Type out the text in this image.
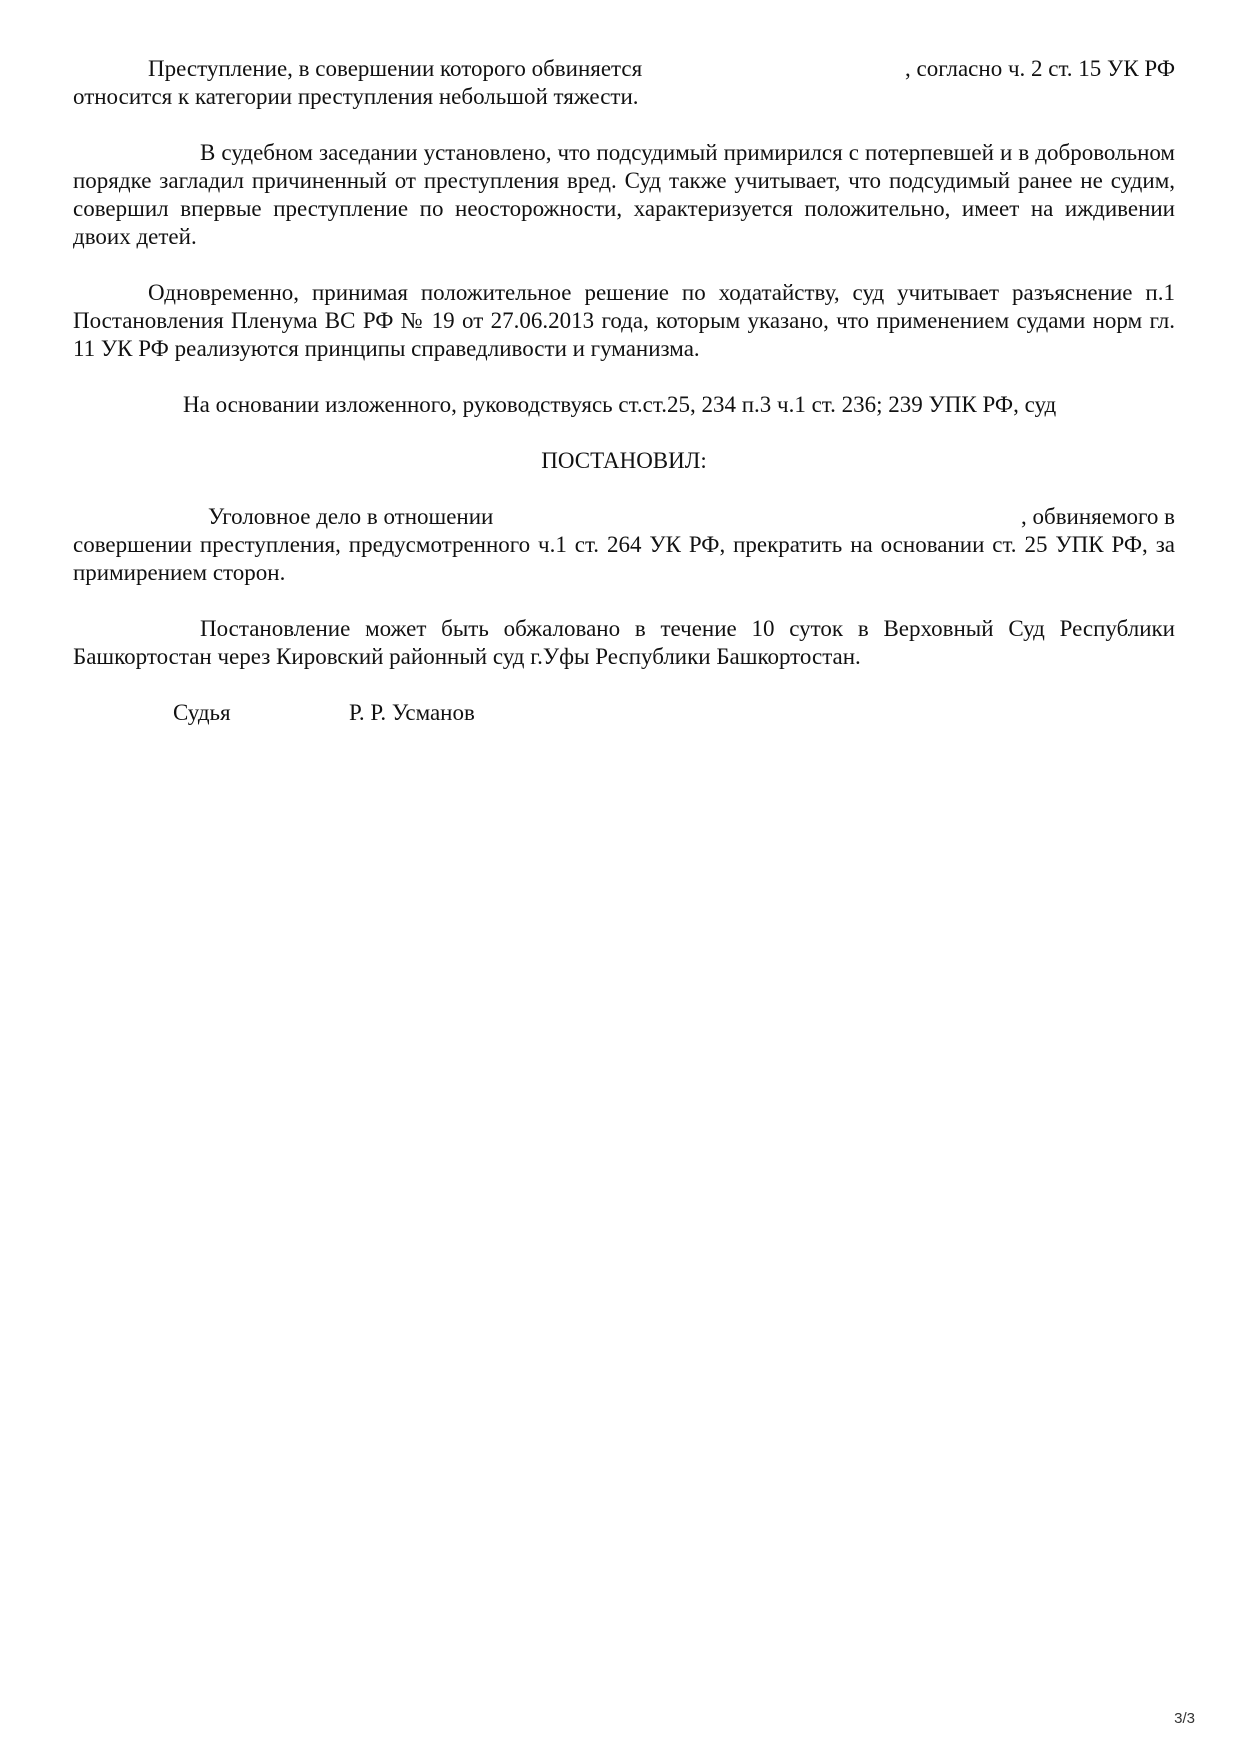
Преступление, в совершении которого обвиняется	, согласно ч. 2 ст. 15 УК РФ
относится к категории преступления небольшой тяжести.

В судебном заседании установлено, что подсудимый примирился с потерпевшей и в добровольном порядке загладил причиненный от преступления вред. Суд также учитывает, что подсудимый ранее не судим, совершил впервые преступление по неосторожности, характеризуется положительно, имеет на иждивении двоих детей.

Одновременно, принимая положительное решение по ходатайству, суд учитывает разъяснение п.1 Постановления Пленума ВС РФ № 19 от 27.06.2013 года, которым указано, что применением судами норм гл. 11 УК РФ реализуются принципы справедливости и гуманизма.

На основании изложенного, руководствуясь ст.ст.25, 234 п.3 ч.1 ст. 236; 239 УПК РФ, суд

ПОСТАНОВИЛ:
Уголовное дело в отношении	, обвиняемого в
совершении преступления, предусмотренного ч.1 ст. 264 УК РФ, прекратить на основании ст. 25 УПК РФ, за примирением сторон.

Постановление может быть обжаловано в течение 10 суток в Верховный Суд Республики Башкортостан через Кировский районный суд г.Уфы Республики Башкортостан.

Судья	Р. Р. Усманов
3/3
